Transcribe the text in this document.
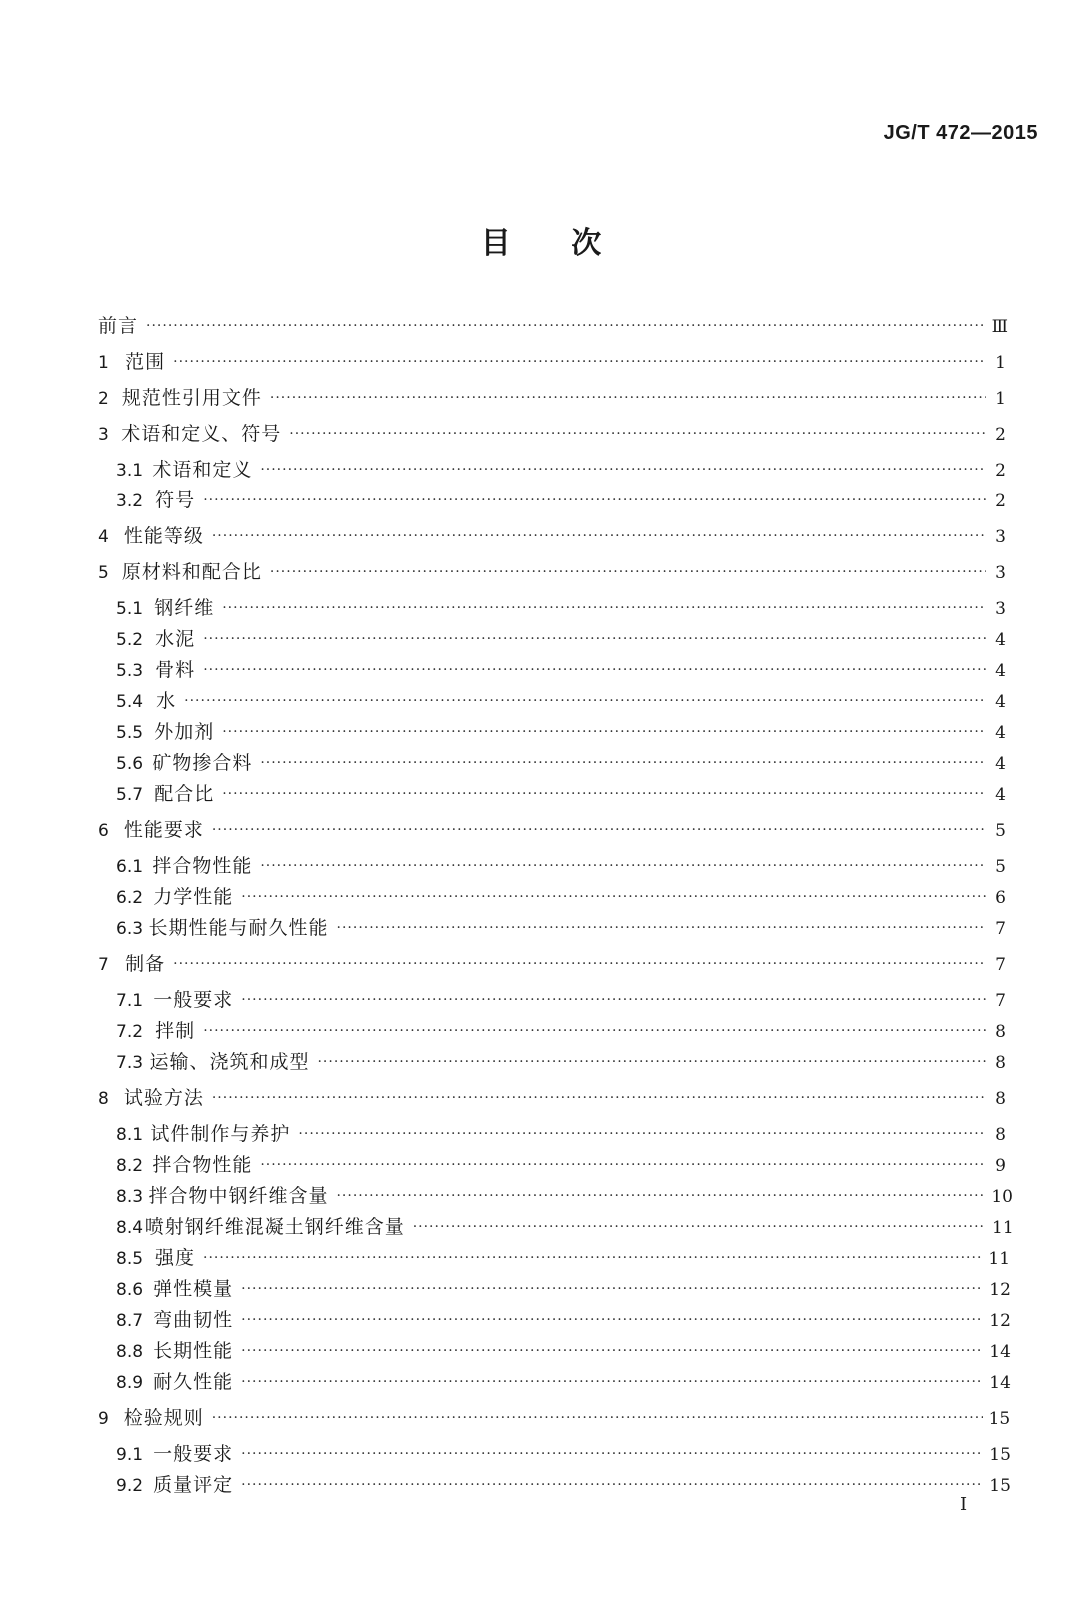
JG/T 472—2015
目 次
前言 ·····	Ⅲ
1 范围 ·····	1
2 规范性引用文件 ·····	1
3 术语和定义、符号 ·····	2
3.1 术语和定义 ·····	2
3.2 符号 ·····	2
4 性能等级 ·····	3
5 原材料和配合比 ·····	3
5.1 钢纤维 ·····	3
5.2 水泥 ·····	4
5.3 骨料 ·····	4
5.4 水 ·····	4
5.5 外加剂 ·····	4
5.6 矿物掺合料 ·····	4
5.7 配合比 ·····	4
6 性能要求 ·····	5
6.1 拌合物性能 ·····	5
6.2 力学性能 ·····	6
6.3 长期性能与耐久性能 ·····	7
7 制备 ·····	7
7.1 一般要求 ·····	7
7.2 拌制 ·····	8
7.3 运输、浇筑和成型 ·····	8
8 试验方法 ·····	8
8.1 试件制作与养护 ·····	8
8.2 拌合物性能 ·····	9
8.3 拌合物中钢纤维含量 ·····	10
8.4 喷射钢纤维混凝土钢纤维含量 ·····	11
8.5 强度 ·····	11
8.6 弹性模量 ·····	12
8.7 弯曲韧性 ·····	12
8.8 长期性能 ·····	14
8.9 耐久性能 ·····	14
9 检验规则 ·····	15
9.1 一般要求 ·····	15
9.2 质量评定 ·····	15
I
